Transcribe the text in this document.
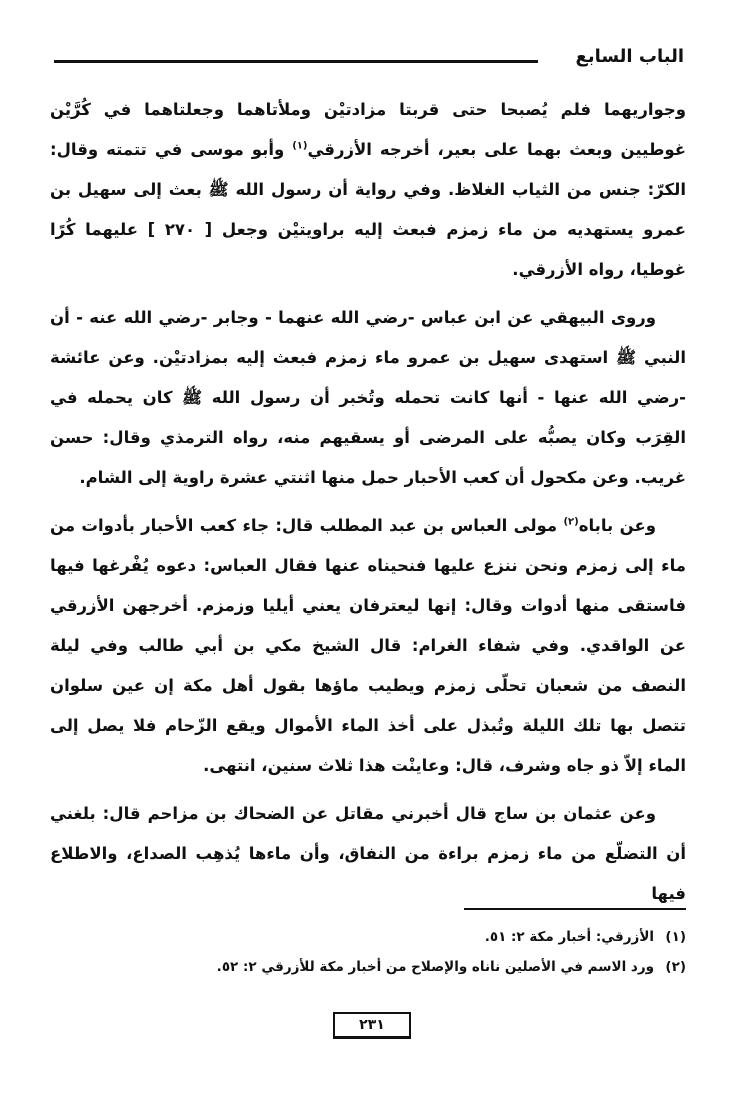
الباب السابع

وجواريهما فلم يُصبحا حتى قربتا مزادتيْن وملأتاهما وجعلتاهما في كُرَّيْن غوطيين وبعث بهما على بعير، أخرجه الأزرقي$^{(١)}$ وأبو موسى في تتمته وقال: الكرّ: جنس من الثياب الغلاظ. وفي رواية أن رسول الله ﷺ بعث إلى سهيل بن عمرو يستهديه من ماء زمزم فبعث إليه براويتيْن وجعل [ ٢٧٠ ] عليهما كُرًا غوطيا، رواه الأزرقي.

وروى البيهقي عن ابن عباس -رضي الله عنهما - وجابر -رضي الله عنه - أن النبي ﷺ استهدى سهيل بن عمرو ماء زمزم فبعث إليه بمزادتيْن. وعن عائشة -رضي الله عنها - أنها كانت تحمله وتُخبر أن رسول الله ﷺ كان يحمله في القِرَب وكان يصبُّه على المرضى أو يسقيهم منه، رواه الترمذي وقال: حسن غريب. وعن مكحول أن كعب الأحبار حمل منها اثنتي عشرة راوية إلى الشام.

وعن باباه$^{(٢)}$ مولى العباس بن عبد المطلب قال: جاء كعب الأحبار بأدوات من ماء إلى زمزم ونحن ننزع عليها فنحيناه عنها فقال العباس: دعوه يُفْرغها فيها فاستقى منها أدوات وقال: إنها ليعترفان يعني أيليا وزمزم. أخرجهن الأزرقي عن الواقدي. وفي شفاء الغرام: قال الشيخ مكي بن أبي طالب وفي ليلة النصف من شعبان تحلّى زمزم ويطيب ماؤها بقول أهل مكة إن عين سلوان تتصل بها تلك الليلة وتُبذل على أخذ الماء الأموال ويقع الزّحام فلا يصل إلى الماء إلاّ ذو جاه وشرف، قال: وعاينْت هذا ثلاث سنين، انتهى.

وعن عثمان بن ساج قال أخبرني مقاتل عن الضحاك بن مزاحم قال: بلغني أن التضلّع من ماء زمزم براءة من النفاق، وأن ماءها يُذهِب الصداع، والاطلاع فيها

(١)الأزرقي: أخبار مكة ٢: ٥١.

(٢)ورد الاسم في الأصلين ناناه والإصلاح من أخبار مكة للأزرقي ٢: ٥٢.

٢٣١
